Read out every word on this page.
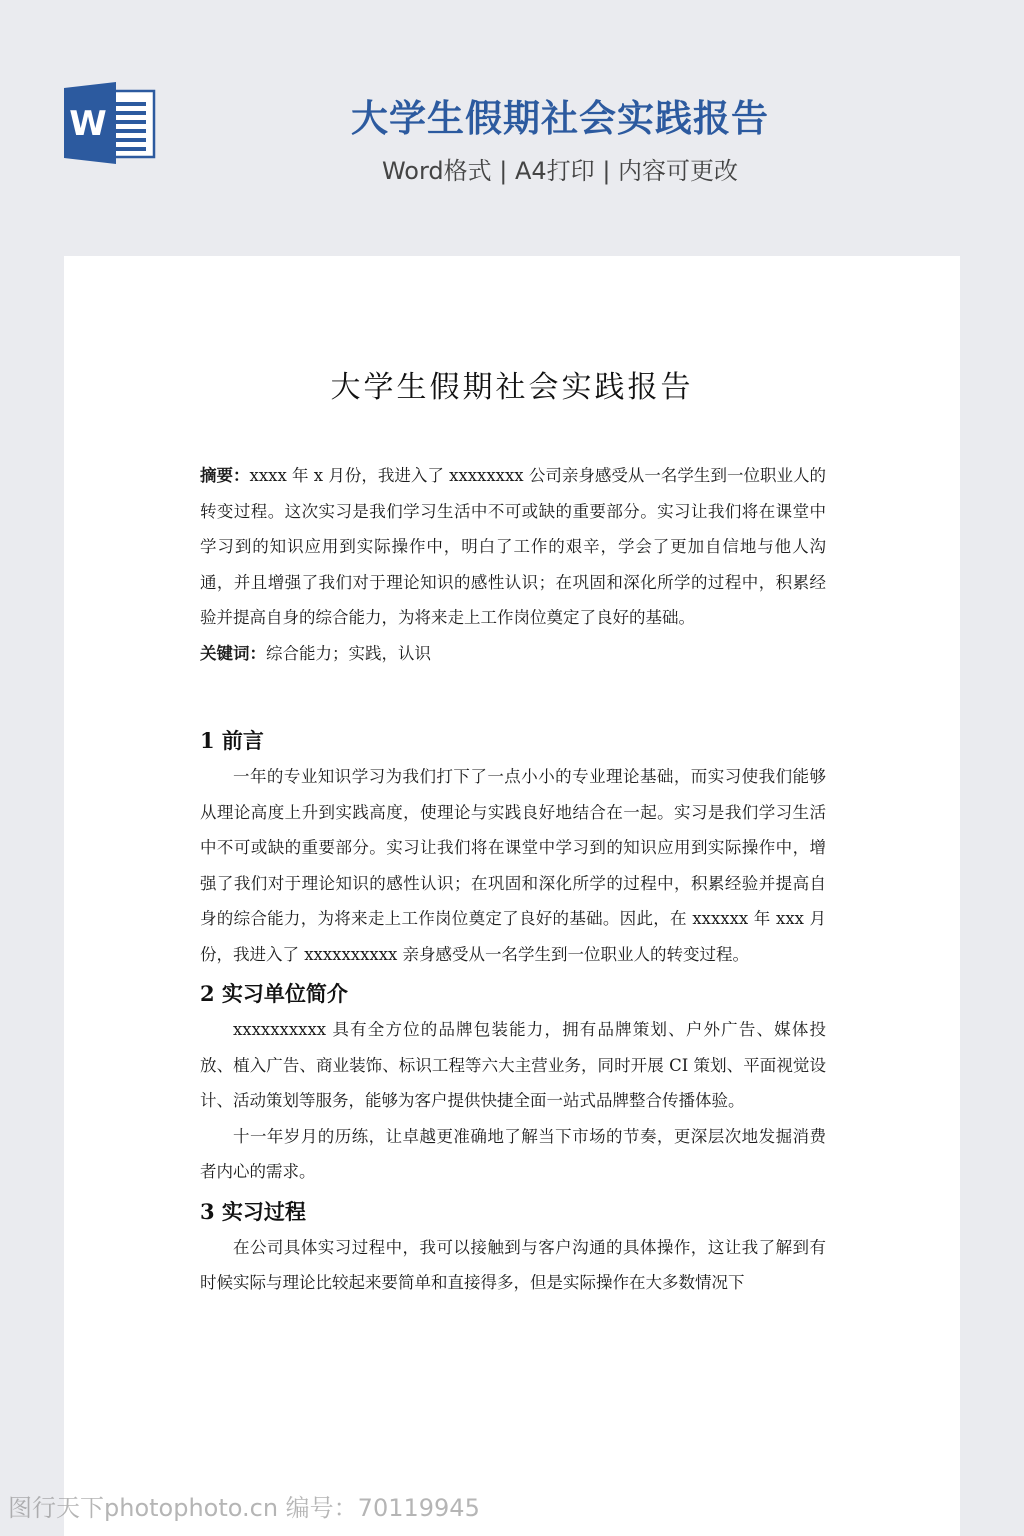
W	大学生假期社会实践报告
Word格式 | A4打印 | 内容可更改
大学生假期社会实践报告

摘要：xxxx 年 x 月份，我进入了 xxxxxxxx 公司亲身感受从一名学生到一位职业人的转变过程。这次实习是我们学习生活中不可或缺的重要部分。实习让我们将在课堂中学习到的知识应用到实际操作中，明白了工作的艰辛，学会了更加自信地与他人沟通，并且增强了我们对于理论知识的感性认识；在巩固和深化所学的过程中，积累经验并提高自身的综合能力，为将来走上工作岗位奠定了良好的基础。

关键词：综合能力；实践，认识

1 前言

一年的专业知识学习为我们打下了一点小小的专业理论基础，而实习使我们能够从理论高度上升到实践高度，使理论与实践良好地结合在一起。实习是我们学习生活中不可或缺的重要部分。实习让我们将在课堂中学习到的知识应用到实际操作中，增强了我们对于理论知识的感性认识；在巩固和深化所学的过程中，积累经验并提高自身的综合能力，为将来走上工作岗位奠定了良好的基础。因此，在 xxxxxx 年 xxx 月份，我进入了 xxxxxxxxxx 亲身感受从一名学生到一位职业人的转变过程。

2 实习单位简介

xxxxxxxxxx 具有全方位的品牌包装能力，拥有品牌策划、户外广告、媒体投放、植入广告、商业装饰、标识工程等六大主营业务，同时开展 CI 策划、平面视觉设计、活动策划等服务，能够为客户提供快捷全面一站式品牌整合传播体验。

十一年岁月的历练，让卓越更准确地了解当下市场的节奏，更深层次地发掘消费者内心的需求。

3 实习过程

在公司具体实习过程中，我可以接触到与客户沟通的具体操作，这让我了解到有时候实际与理论比较起来要简单和直接得多，但是实际操作在大多数情况下

图行天下photophoto.cn 编号：70119945
